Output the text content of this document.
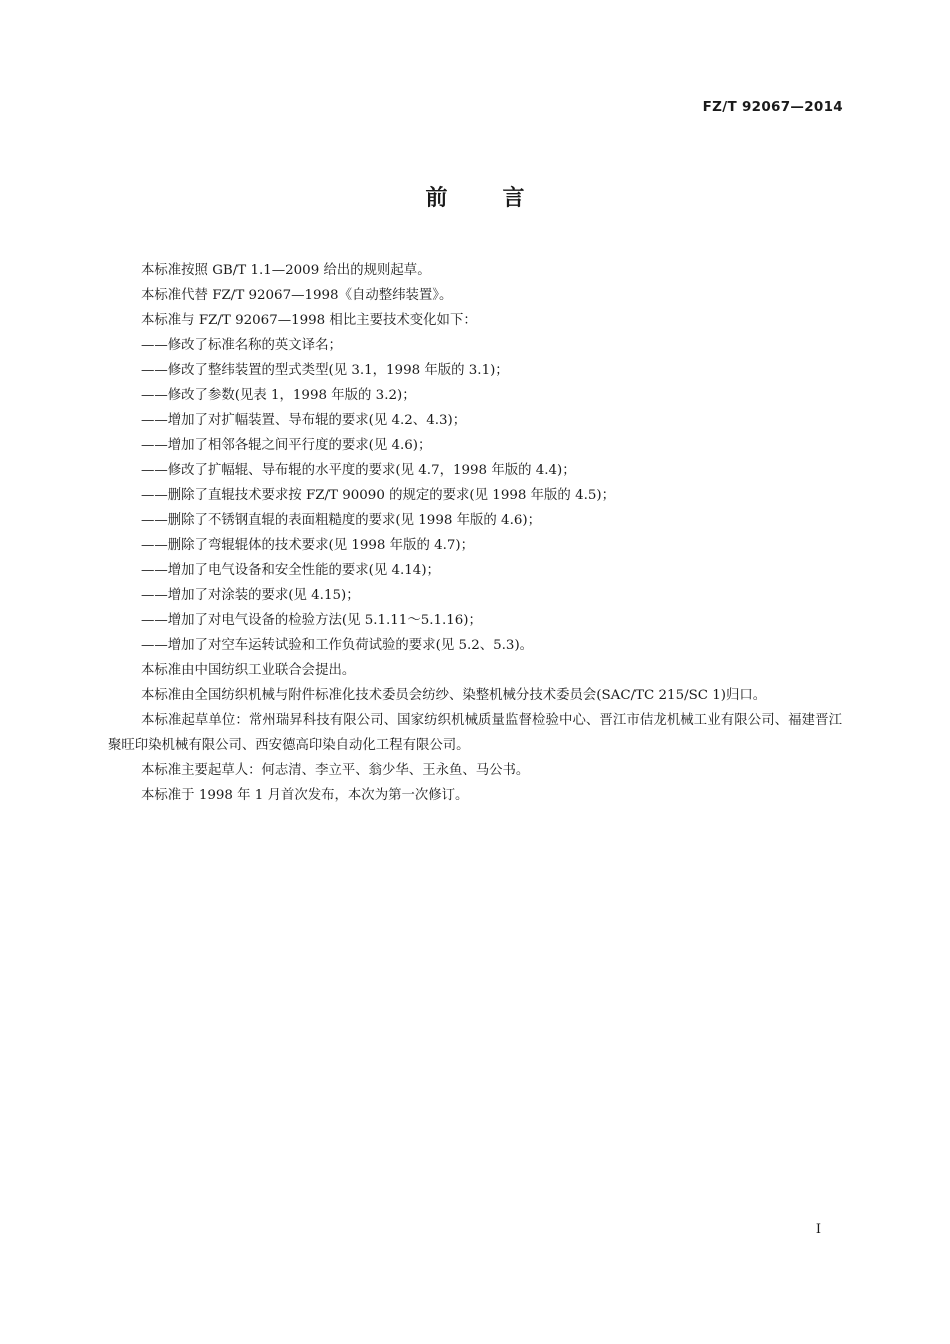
FZ/T 92067—2014
前言

本标准按照 GB/T 1.1—2009 给出的规则起草。

本标准代替 FZ/T 92067—1998《自动整纬装置》。

本标准与 FZ/T 92067—1998 相比主要技术变化如下：

——修改了标准名称的英文译名；

——修改了整纬装置的型式类型(见 3.1，1998 年版的 3.1)；

——修改了参数(见表 1，1998 年版的 3.2)；

——增加了对扩幅装置、导布辊的要求(见 4.2、4.3)；

——增加了相邻各辊之间平行度的要求(见 4.6)；

——修改了扩幅辊、导布辊的水平度的要求(见 4.7，1998 年版的 4.4)；

——删除了直辊技术要求按 FZ/T 90090 的规定的要求(见 1998 年版的 4.5)；

——删除了不锈钢直辊的表面粗糙度的要求(见 1998 年版的 4.6)；

——删除了弯辊辊体的技术要求(见 1998 年版的 4.7)；

——增加了电气设备和安全性能的要求(见 4.14)；

——增加了对涂装的要求(见 4.15)；

——增加了对电气设备的检验方法(见 5.1.11～5.1.16)；

——增加了对空车运转试验和工作负荷试验的要求(见 5.2、5.3)。

本标准由中国纺织工业联合会提出。

本标准由全国纺织机械与附件标准化技术委员会纺纱、染整机械分技术委员会(SAC/TC 215/SC 1)归口。

本标准起草单位：常州瑞昇科技有限公司、国家纺织机械质量监督检验中心、晋江市佶龙机械工业有限公司、福建晋江聚旺印染机械有限公司、西安德高印染自动化工程有限公司。

本标准主要起草人：何志清、李立平、翁少华、王永鱼、马公书。

本标准于 1998 年 1 月首次发布，本次为第一次修订。

I
